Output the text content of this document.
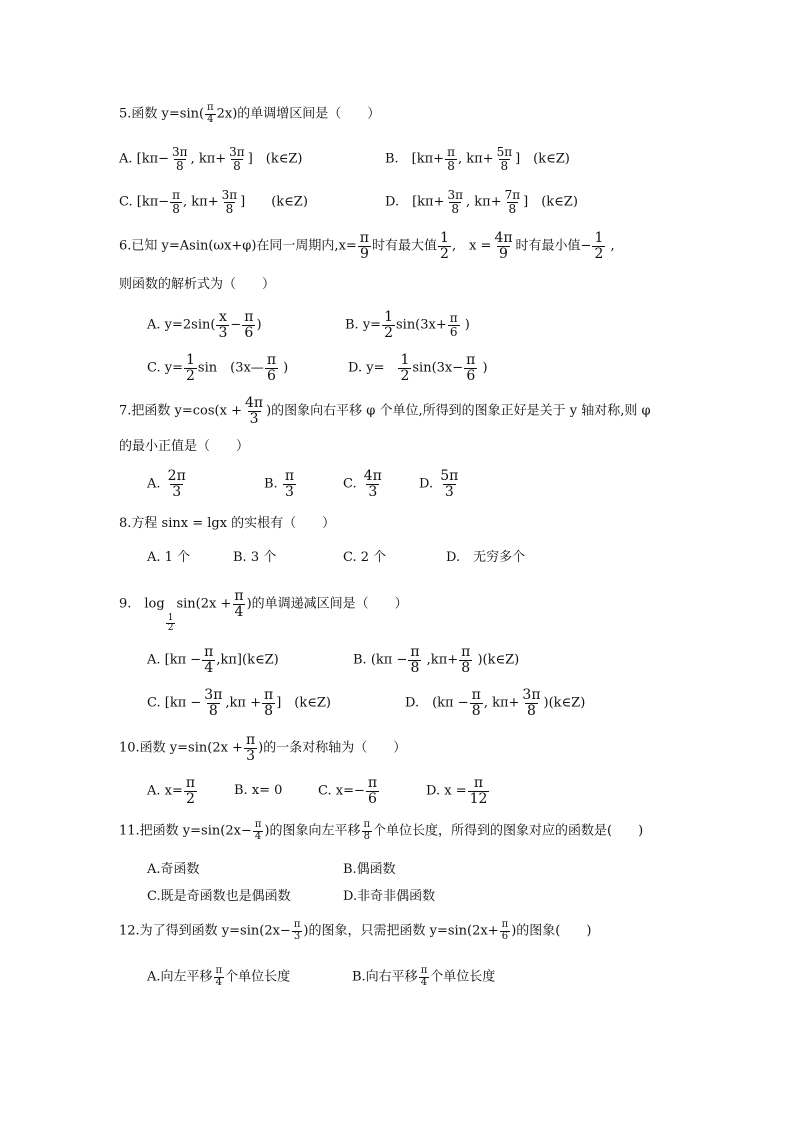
5.函数 $y=\sin( \frac{\pi}{4} 2x)$的单调增区间是（　　）
A. [$k\pi- \frac{3\pi}{8}$ , $k\pi+ \frac{3\pi}{8}$ ]　(k∈Z)	B.　[$k\pi+ \frac{\pi}{8}$ , $k\pi+ \frac{5\pi}{8}$ ]　(k∈Z)
C. [$k\pi- \frac{\pi}{8}$ , $k\pi+ \frac{3\pi}{8}$ ]　　(k∈Z)	D.　[$k\pi+ \frac{3\pi}{8}$ , $k\pi+ \frac{7\pi}{8}$ ]　(k∈Z)
6.已知 y=Asin(ωx+φ)在同一周期内$,x= \frac{\pi}{9}$ 时有最大值 $\frac{1}{2}$ ,　$x = \frac{4\pi}{9}$ 时有最小值− $\frac{1}{2}$ ,
则函数的解析式为（　　）
A. $y=2\sin( \frac{x}{3} - \frac{\pi}{6}$ )	B. $y= \frac{1}{2} \sin(3x+ \frac{\pi}{6}$ )
C. $y= \frac{1}{2}$ sin　(3x— $\frac{\pi}{6}$ )	D. y=　 $\frac{1}{2} \sin(3x- \frac{\pi}{6}$ )
7.把函数 $y=\cos(x + \frac{4\pi}{3}$ )的图象向右平移 φ 个单位,所得到的图象正好是关于 y 轴对称,则 φ
的最小正值是（　　）
A. $\frac{2\pi}{3}$	B. $\frac{\pi}{3}$	C. $\frac{4\pi}{3}$	D. $\frac{5\pi}{3}$
8.方程 sinx = lgx 的实根有（　　）
A. 1 个	B. 3 个	C. 2 个	D.　无穷多个
9.　log
$\frac{1}{2}$
$\sin(2x + \frac{\pi}{4}$ )的单调递减区间是（　　）
A. [$k\pi - \frac{\pi}{4}$ ,kπ](k∈Z)	B. ($k\pi - \frac{\pi}{8} ,k\pi+ \frac{\pi}{8}$ )(k∈Z)
C. [$k\pi - \frac{3\pi}{8} ,k\pi + \frac{\pi}{8}$ ]　(k∈Z)	D.　($k\pi - \frac{\pi}{8}$ , $k\pi+ \frac{3\pi}{8}$ )(k∈Z)
10.函数 $y=\sin(2x + \frac{\pi}{3}$ )的一条对称轴为（　　）
A. $x= \frac{\pi}{2}$	B. x= 0	C. $x=- \frac{\pi}{6}$	D. $x = \frac{\pi}{12}$
11.把函数 $y=\sin(2x- \frac{\pi}{4}$ )的图象向左平移 $\frac{\pi}{8}$ 个单位长度，所得到的图象对应的函数是(　　)
A.奇函数	B.偶函数
C.既是奇函数也是偶函数	D.非奇非偶函数
12.为了得到函数 $y=\sin(2x- \frac{\pi}{3}$ )的图象，只需把函数 $y=\sin(2x+ \frac{\pi}{6}$ )的图象(　　)
A.向左平移 $\frac{\pi}{4}$ 个单位长度	B.向右平移 $\frac{\pi}{4}$ 个单位长度
